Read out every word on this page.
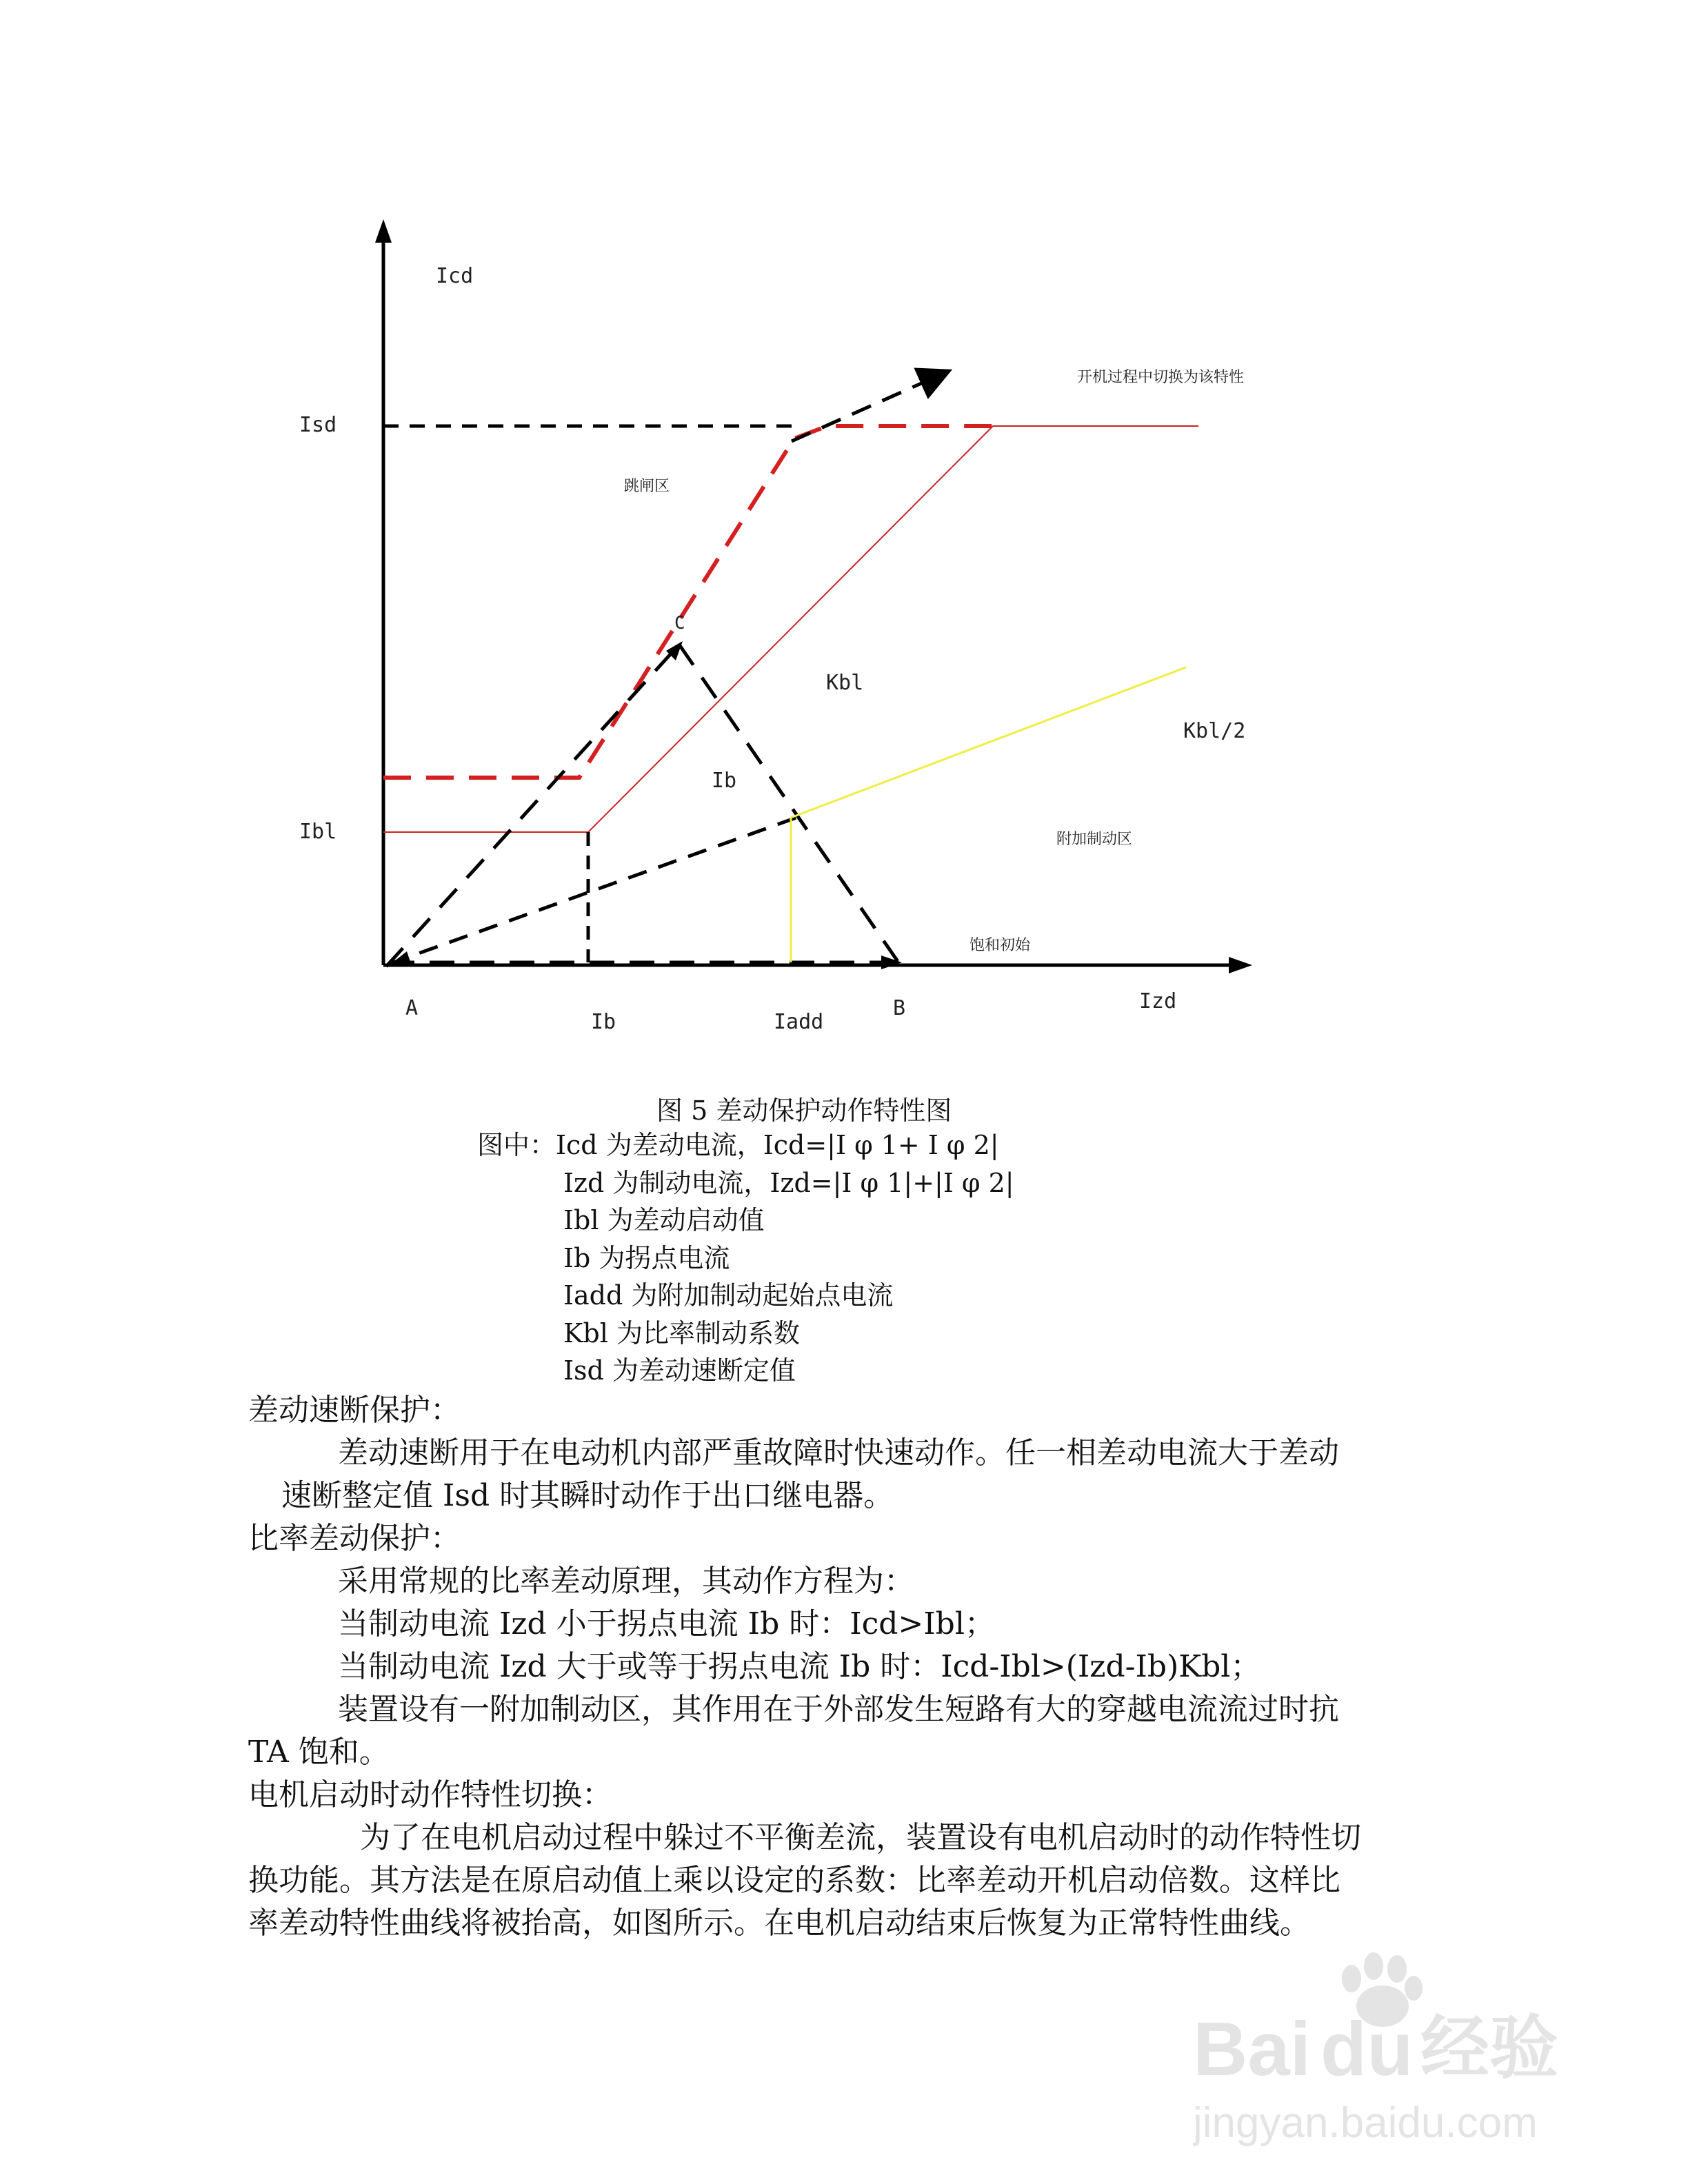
Icd
Izd
Isd
Ibl
A
Ib	Iadd
B
开机过程中切换为该特性
跳闸区
C
Kbl
Kbl/2
Ib
附加制动区
饱和初始
图 5 差动保护动作特性图
图中：Icd 为差动电流，Icd=|I φ 1+ I φ 2|
Izd 为制动电流，Izd=|I φ 1|+|I φ 2|
Ibl 为差动启动值
Ib 为拐点电流
Iadd 为附加制动起始点电流
Kbl 为比率制动系数
Isd 为差动速断定值

差动速断保护：

差动速断用于在电动机内部严重故障时快速动作。任一相差动电流大于差动

速断整定值 Isd 时其瞬时动作于出口继电器。

比率差动保护：

采用常规的比率差动原理，其动作方程为：

当制动电流 Izd 小于拐点电流 Ib 时：Icd>Ibl；

当制动电流 Izd 大于或等于拐点电流 Ib 时：Icd-Ibl>(Izd-Ib)Kbl；

装置设有一附加制动区，其作用在于外部发生短路有大的穿越电流流过时抗

TA 饱和。

电机启动时动作特性切换：

为了在电机启动过程中躲过不平衡差流，装置设有电机启动时的动作特性切

换功能。其方法是在原启动值上乘以设定的系数：比率差动开机启动倍数。这样比

率差动特性曲线将被抬高，如图所示。在电机启动结束后恢复为正常特性曲线。

Bai du 经验
jingyan.baidu.com
